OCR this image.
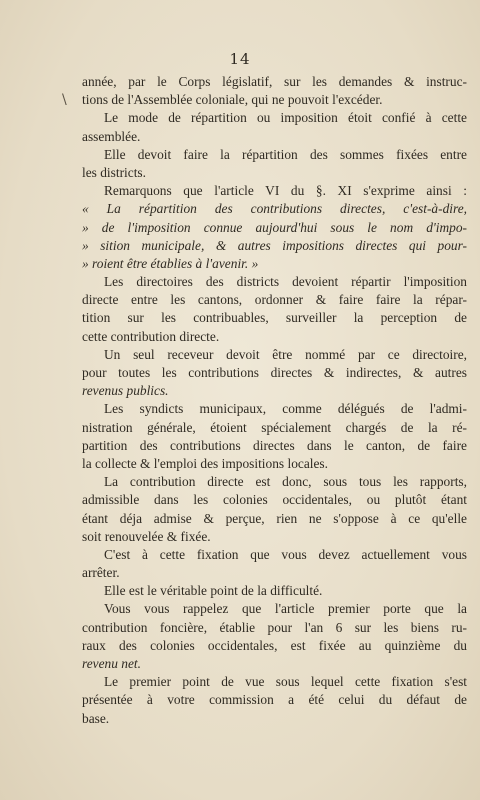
14
\
année, par le Corps législatif, sur les demandes & instruc-
tions de l'Assemblée coloniale, qui ne pouvoit l'excéder.
Le mode de répartition ou imposition étoit confié à cette
assemblée.
Elle devoit faire la répartition des sommes fixées entre
les districts.
Remarquons que l'article VI du §. XI s'exprime ainsi :
« La répartition des contributions directes, c'est-à-dire,
» de l'imposition connue aujourd'hui sous le nom d'impo-
» sition municipale, & autres impositions directes qui pour-
» roient être établies à l'avenir. »
Les directoires des districts devoient répartir l'imposition
directe entre les cantons, ordonner & faire faire la répar-
tition sur les contribuables, surveiller la perception de
cette contribution directe.
Un seul receveur devoit être nommé par ce directoire,
pour toutes les contributions directes & indirectes, & autres
revenus publics.
Les syndicts municipaux, comme délégués de l'admi-
nistration générale, étoient spécialement chargés de la ré-
partition des contributions directes dans le canton, de faire
la collecte & l'emploi des impositions locales.
La contribution directe est donc, sous tous les rapports,
admissible dans les colonies occidentales, ou plutôt étant
étant déja admise & perçue, rien ne s'oppose à ce qu'elle
soit renouvelée & fixée.
C'est à cette fixation que vous devez actuellement vous
arrêter.
Elle est le véritable point de la difficulté.
Vous vous rappelez que l'article premier porte que la
contribution foncière, établie pour l'an 6 sur les biens ru-
raux des colonies occidentales, est fixée au quinzième du
revenu net.
Le premier point de vue sous lequel cette fixation s'est
présentée à votre commission a été celui du défaut de
base.
